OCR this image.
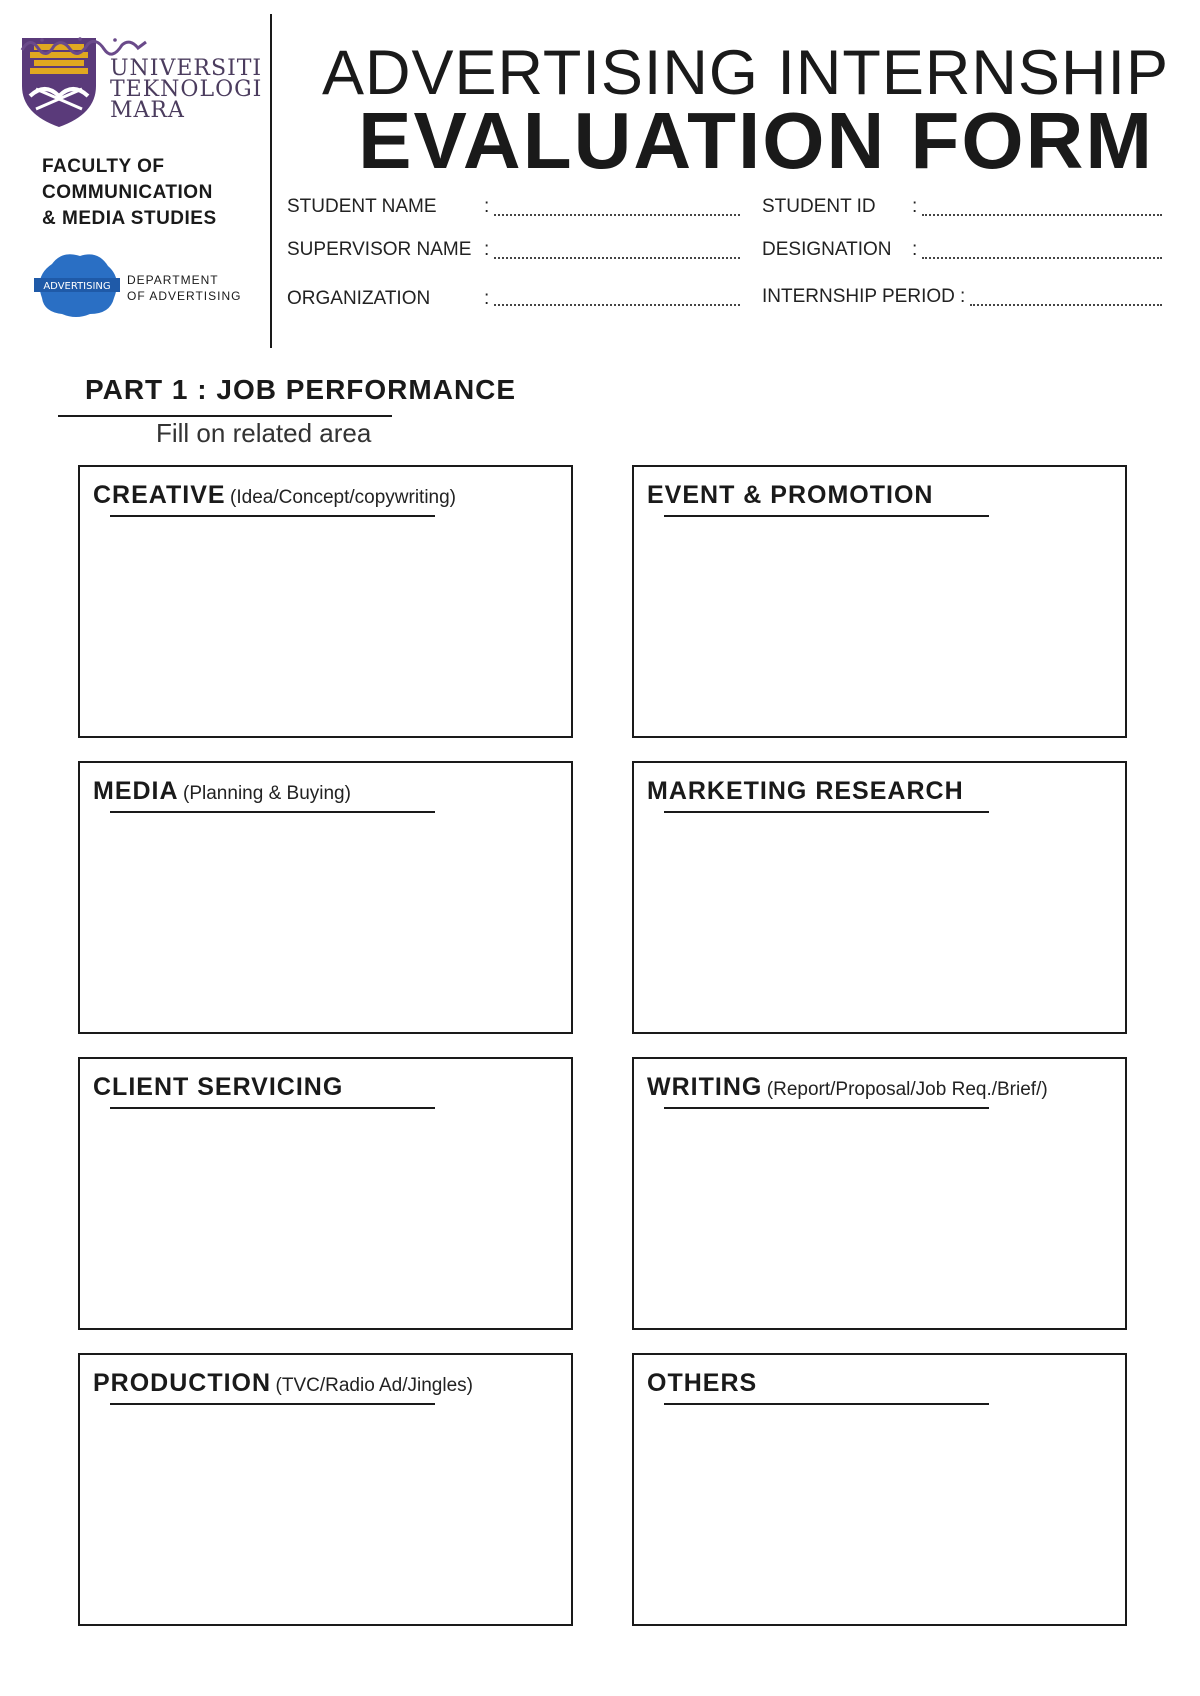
UNIVERSITI
TEKNOLOGI
MARA
FACULTY OF
COMMUNICATION
& MEDIA STUDIES
ADVERTISING DEPARTMENT
OF ADVERTISING
ADVERTISING INTERNSHIP
EVALUATION FORM
STUDENT NAME :	STUDENT ID :
SUPERVISOR NAME :	DESIGNATION :
ORGANIZATION	:	INTERNSHIP PERIOD :
PART 1 : JOB PERFORMANCE
Fill on related area
CREATIVE (Idea/Concept/copywriting)	EVENT & PROMOTION
MEDIA (Planning & Buying)	MARKETING RESEARCH
CLIENT SERVICING	WRITING (Report/Proposal/Job Req./Brief/)
PRODUCTION (TVC/Radio Ad/Jingles)	OTHERS
